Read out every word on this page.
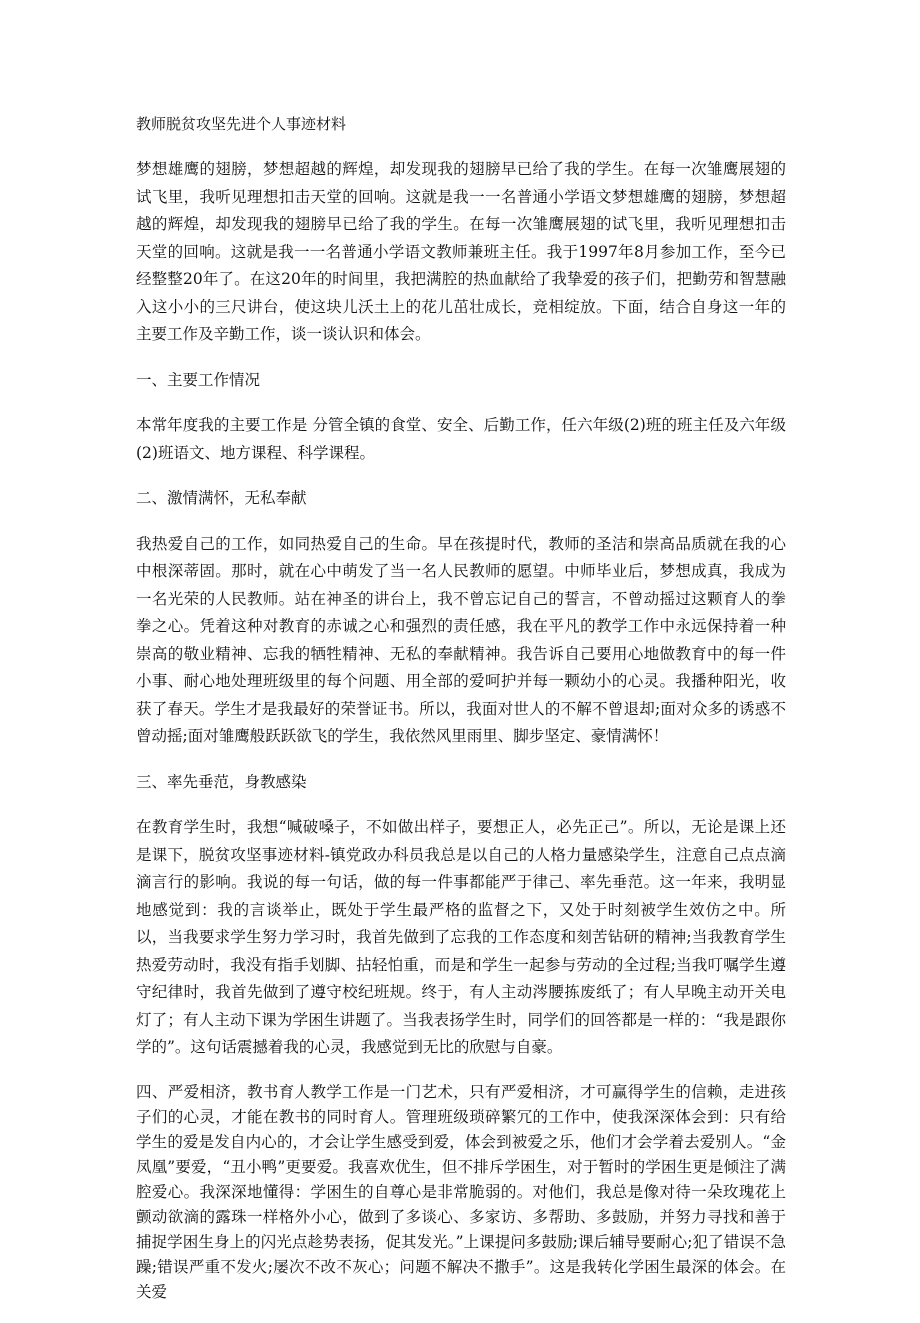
教师脱贫攻坚先进个人事迹材料

梦想雄鹰的翅膀，梦想超越的辉煌，却发现我的翅膀早已给了我的学生。在每一次雏鹰展翅的试飞里，我听见理想扣击天堂的回响。这就是我一一名普通小学语文梦想雄鹰的翅膀，梦想超越的辉煌，却发现我的翅膀早已给了我的学生。在每一次雏鹰展翅的试飞里，我听见理想扣击天堂的回响。这就是我一一名普通小学语文教师兼班主任。我于1997年8月参加工作，至今已经整整20年了。在这20年的时间里，我把满腔的热血献给了我挚爱的孩子们，把勤劳和智慧融入这小小的三尺讲台，使这块儿沃土上的花儿茁壮成长，竞相绽放。下面，结合自身这一年的主要工作及辛勤工作，谈一谈认识和体会。

一、主要工作情况

本常年度我的主要工作是 分管全镇的食堂、安全、后勤工作，任六年级(2)班的班主任及六年级(2)班语文、地方课程、科学课程。

二、激情满怀，无私奉献

我热爱自己的工作，如同热爱自己的生命。早在孩提时代，教师的圣洁和崇高品质就在我的心中根深蒂固。那时，就在心中萌发了当一名人民教师的愿望。中师毕业后，梦想成真，我成为一名光荣的人民教师。站在神圣的讲台上，我不曾忘记自己的誓言，不曾动摇过这颗育人的拳拳之心。凭着这种对教育的赤诚之心和强烈的责任感，我在平凡的教学工作中永远保持着一种崇高的敬业精神、忘我的牺牲精神、无私的奉献精神。我告诉自己要用心地做教育中的每一件小事、耐心地处理班级里的每个问题、用全部的爱呵护并每一颗幼小的心灵。我播种阳光，收获了春天。学生才是我最好的荣誉证书。所以，我面对世人的不解不曾退却;面对众多的诱惑不曾动摇;面对雏鹰般跃跃欲飞的学生，我依然风里雨里、脚步坚定、豪情满怀！

三、率先垂范，身教感染

在教育学生时，我想“喊破嗓子，不如做出样子，要想正人，必先正己”。所以，无论是课上还是课下，脱贫攻坚事迹材料-镇党政办科员我总是以自己的人格力量感染学生，注意自己点点滴滴言行的影响。我说的每一句话，做的每一件事都能严于律己、率先垂范。这一年来，我明显地感觉到：我的言谈举止，既处于学生最严格的监督之下，又处于时刻被学生效仿之中。所以，当我要求学生努力学习时，我首先做到了忘我的工作态度和刻苦钻研的精神;当我教育学生热爱劳动时，我没有指手划脚、拈轻怕重，而是和学生一起参与劳动的全过程;当我叮嘱学生遵守纪律时，我首先做到了遵守校纪班规。终于，有人主动涔腰拣废纸了；有人早晚主动开关电灯了；有人主动下课为学困生讲题了。当我表扬学生时，同学们的回答都是一样的：“我是跟你学的”。这句话震撼着我的心灵，我感觉到无比的欣慰与自豪。

四、严爱相济，教书育人教学工作是一门艺术，只有严爱相济，才可赢得学生的信赖，走进孩子们的心灵，才能在教书的同时育人。管理班级琐碎繁冗的工作中，使我深深体会到：只有给学生的爱是发自内心的，才会让学生感受到爱，体会到被爱之乐，他们才会学着去爱别人。“金凤凰”要爱，“丑小鸭”更要爱。我喜欢优生，但不排斥学困生，对于暂时的学困生更是倾注了满腔爱心。我深深地懂得：学困生的自尊心是非常脆弱的。对他们，我总是像对待一朵玫瑰花上颤动欲滴的露珠一样格外小心，做到了多谈心、多家访、多帮助、多鼓励，并努力寻找和善于捕捉学困生身上的闪光点趁势表扬，促其发光。”上课提问多鼓励;课后辅导要耐心;犯了错误不急躁;错误严重不发火;屡次不改不灰心；问题不解决不撒手”。这是我转化学困生最深的体会。在关爱
